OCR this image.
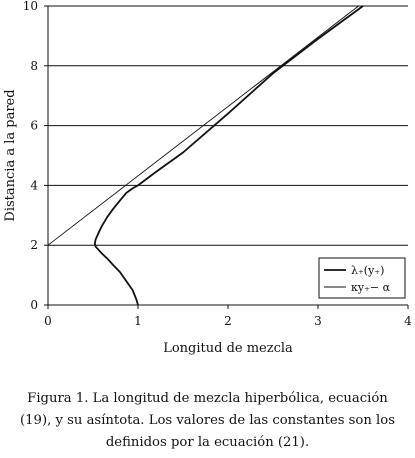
0	1	2	3	4
0
2
4
6
8
10
Longitud de mezcla
Distancia a la pared
λ₊(y₊)
κy₊− α
Figura 1. La longitud de mezcla hiperbólica, ecuación
(19), y su asíntota. Los valores de las constantes son los
definidos por la ecuación (21).
